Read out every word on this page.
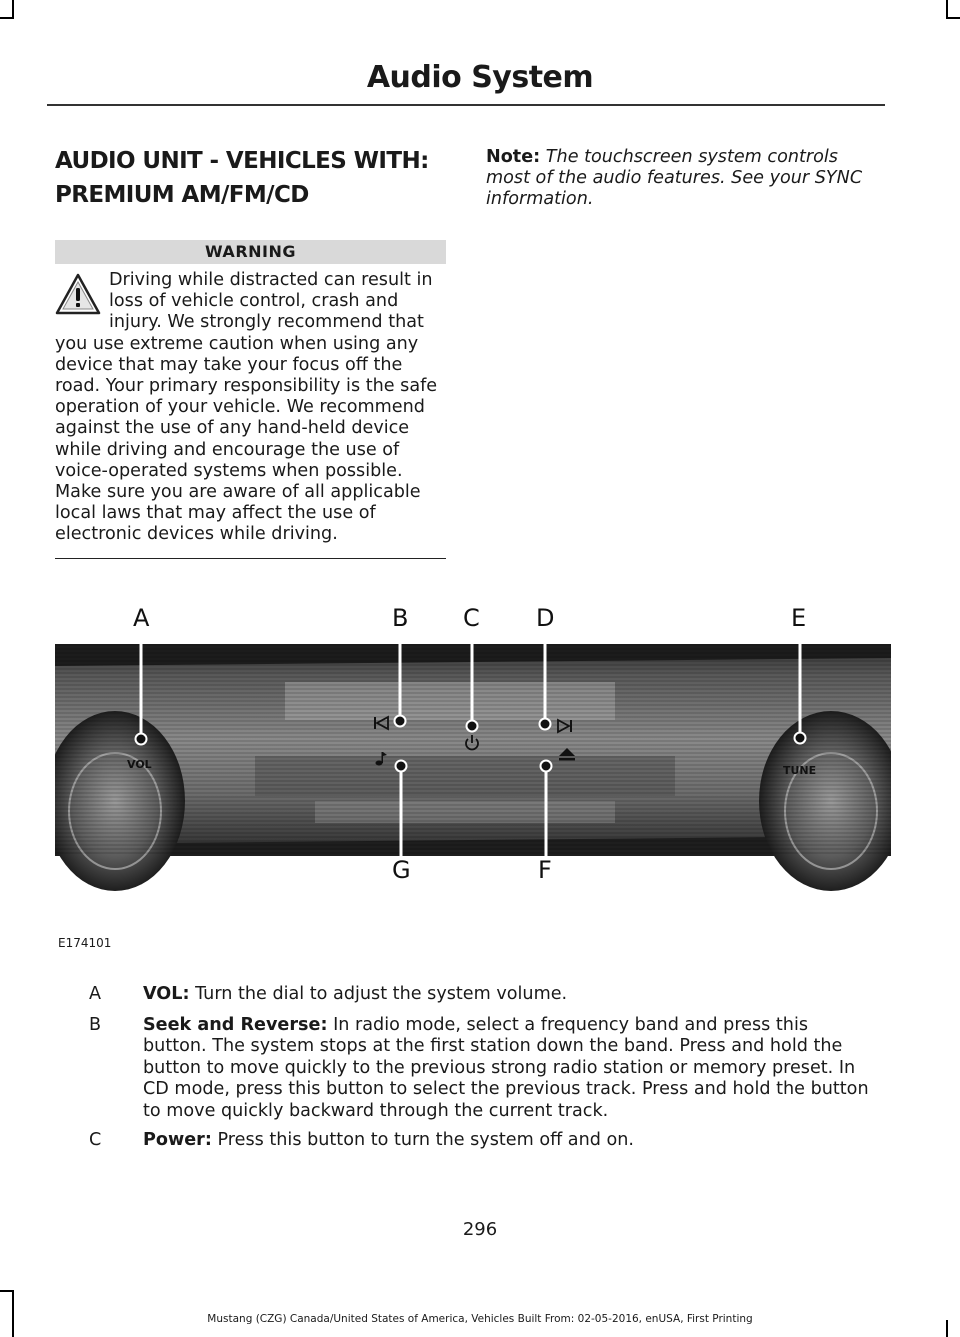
Audio System
AUDIO UNIT - VEHICLES WITH:
PREMIUM AM/FM/CD
WARNING
Driving while distracted can result in loss of vehicle control, crash and injury. We strongly recommend that
you use extreme caution when using any device that may take your focus off the road. Your primary responsibility is the safe operation of your vehicle. We recommend against the use of any hand-held device while driving and encourage the use of voice-operated systems when possible. Make sure you are aware of all applicable local laws that may affect the use of electronic devices while driving.
Note: The touchscreen system controls most of the audio features. See your SYNC information.
VOL	TUNE
A	B C D	E
G	F
E174101
A	VOL: Turn the dial to adjust the system volume.
B	Seek and Reverse: In radio mode, select a frequency band and press this button. The system stops at the first station down the band. Press and hold the button to move quickly to the previous strong radio station or memory preset. In CD mode, press this button to select the previous track. Press and hold the button to move quickly backward through the current track.
C	Power: Press this button to turn the system off and on.
296
Mustang (CZG) Canada/United States of America, Vehicles Built From: 02-05-2016, enUSA, First Printing
